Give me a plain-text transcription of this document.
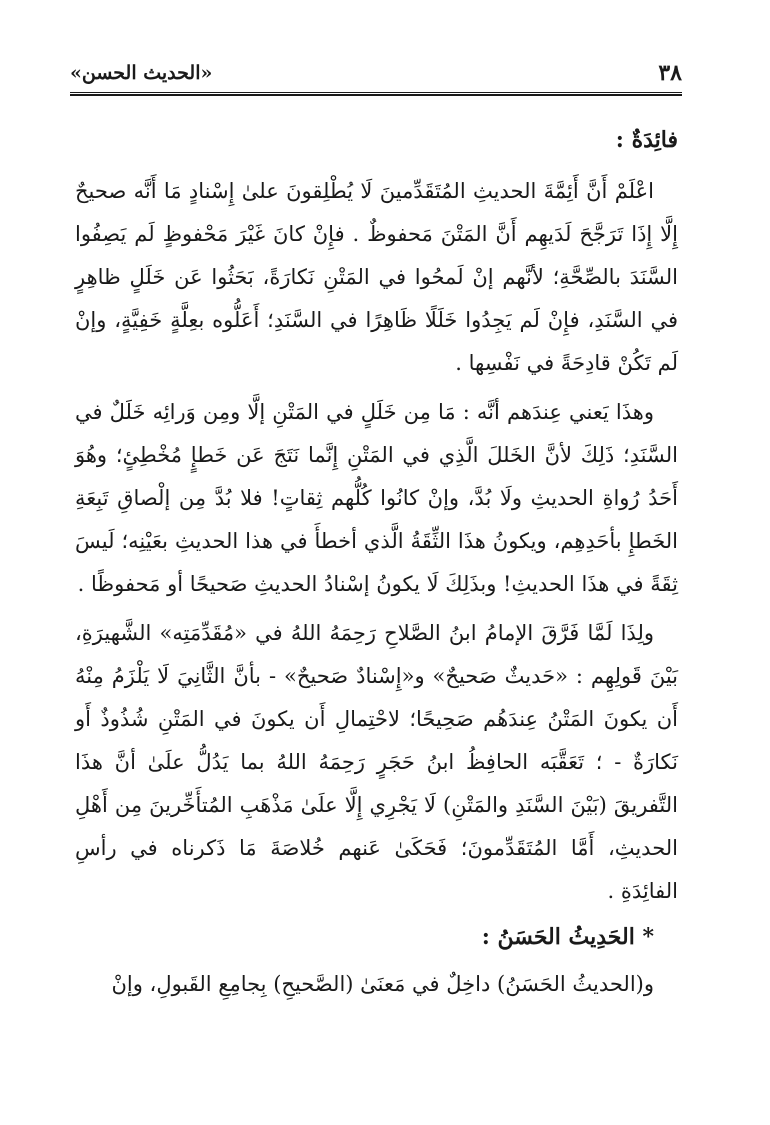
٣٨
«الحديث الحسن»
فائِدَةٌ :

اعْلَمْ أَنَّ أَئِمَّةَ الحديثِ المُتَقَدِّمينَ لَا يُطْلِقونَ علىٰ إِسْنادٍ مَا أَنَّه صحيحٌ إِلَّا إِذَا تَرَجَّحَ لَدَيهِم أَنَّ المَتْنَ مَحفوظٌ . فإِنْ كانَ غَيْرَ مَحْفوظٍ لَم يَصِفُوا السَّنَدَ بالصِّحَّةِ؛ لأنَّهم إنْ لَمحُوا في المَتْنِ نَكارَةً، بَحَثُوا عَن خَلَلٍ ظاهِرٍ في السَّنَدِ، فإِنْ لَم يَجِدُوا خَلَلًا ظَاهِرًا في السَّنَدِ؛ أَعَلُّوه بعِلَّةٍ خَفِيَّةٍ، وإنْ لَم تَكُنْ قادِحَةً في نَفْسِها .

وهذَا يَعني عِندَهم أنَّه : مَا مِن خَلَلٍ في المَتْنِ إلَّا ومِن وَرائِه خَلَلٌ في السَّنَدِ؛ ذَلِكَ لأنَّ الخَللَ الَّذِي في المَتْنِ إِنَّما نَتَجَ عَن خَطإٍ مُخْطِئٍ؛ وهُوَ أَحَدُ رُواةِ الحديثِ ولَا بُدَّ، وإنْ كانُوا كُلُّهم ثِقاتٍ! فلا بُدَّ مِن إلْصاقِ تَبِعَةِ الخَطإِ بأحَدِهِم، ويكونُ هذَا الثِّقَةُ الَّذي أخطأَ في هذا الحديثِ بعَيْنِه؛ لَيسَ ثِقَةً في هذَا الحديثِ! وبذَلِكَ لَا يكونُ إسْنادُ الحديثِ صَحيحًا أو مَحفوظًا .

ولِذَا لَمَّا فَرَّقَ الإمامُ ابنُ الصَّلاحِ رَحِمَهُ اللهُ في «مُقَدِّمَتِه» الشَّهيرَةِ، بَيْنَ قَولِهِم : «حَديثٌ صَحيحٌ» و«إِسْنادٌ صَحيحٌ» - بأنَّ الثَّانِيَ لَا يَلْزَمُ مِنْهُ أَن يكونَ المَتْنُ عِندَهُم صَحِيحًا؛ لاحْتِمالِ أَن يكونَ في المَتْنِ شُذُوذٌ أَو نَكارَةٌ - ؛ تَعَقَّبَه الحافِظُ ابنُ حَجَرٍ رَحِمَهُ اللهُ بما يَدُلُّ علَىٰ أنَّ هذَا التَّفريقَ (بَيْنَ السَّنَدِ والمَتْنِ) لَا يَجْرِي إِلَّا علَىٰ مَذْهَبِ المُتأَخِّرينَ مِن أَهْلِ الحديثِ، أَمَّا المُتَقَدِّمونَ؛ فَحَكَىٰ عَنهم خُلاصَةَ مَا ذَكرناه في رأسِ الفائِدَةِ .

* الحَدِيثُ الحَسَنُ :

و(الحديثُ الحَسَنُ) داخِلٌ في مَعنَىٰ (الصَّحيحِ) بِجامِعِ القَبولِ، وإنْ
